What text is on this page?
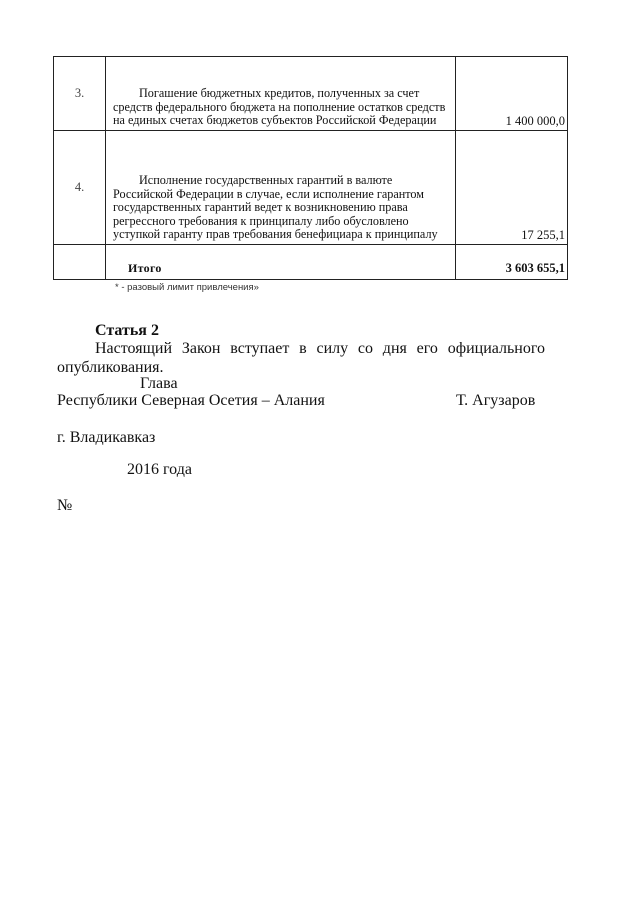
3.	Погашение бюджетных кредитов, полученных за счет средств федерального бюджета на пополнение остатков средств на единых счетах бюджетов субъектов Российской Федерации	1 400 000,0
4.	Исполнение государственных гарантий в валюте Российской Федерации в случае, если исполнение гарантом государственных гарантий ведет к возникновению права регрессного требования к принципалу либо обусловлено уступкой гаранту прав требования бенефициара к принципалу	17 255,1

	Итого	3 603 655,1
* - разовый лимит привлечения»
Статья 2
Настоящий Закон вступает в силу со дня его официального опубликования.
Глава
Республики Северная Осетия – Алания	Т. Агузаров
г. Владикавказ
2016 года
№
